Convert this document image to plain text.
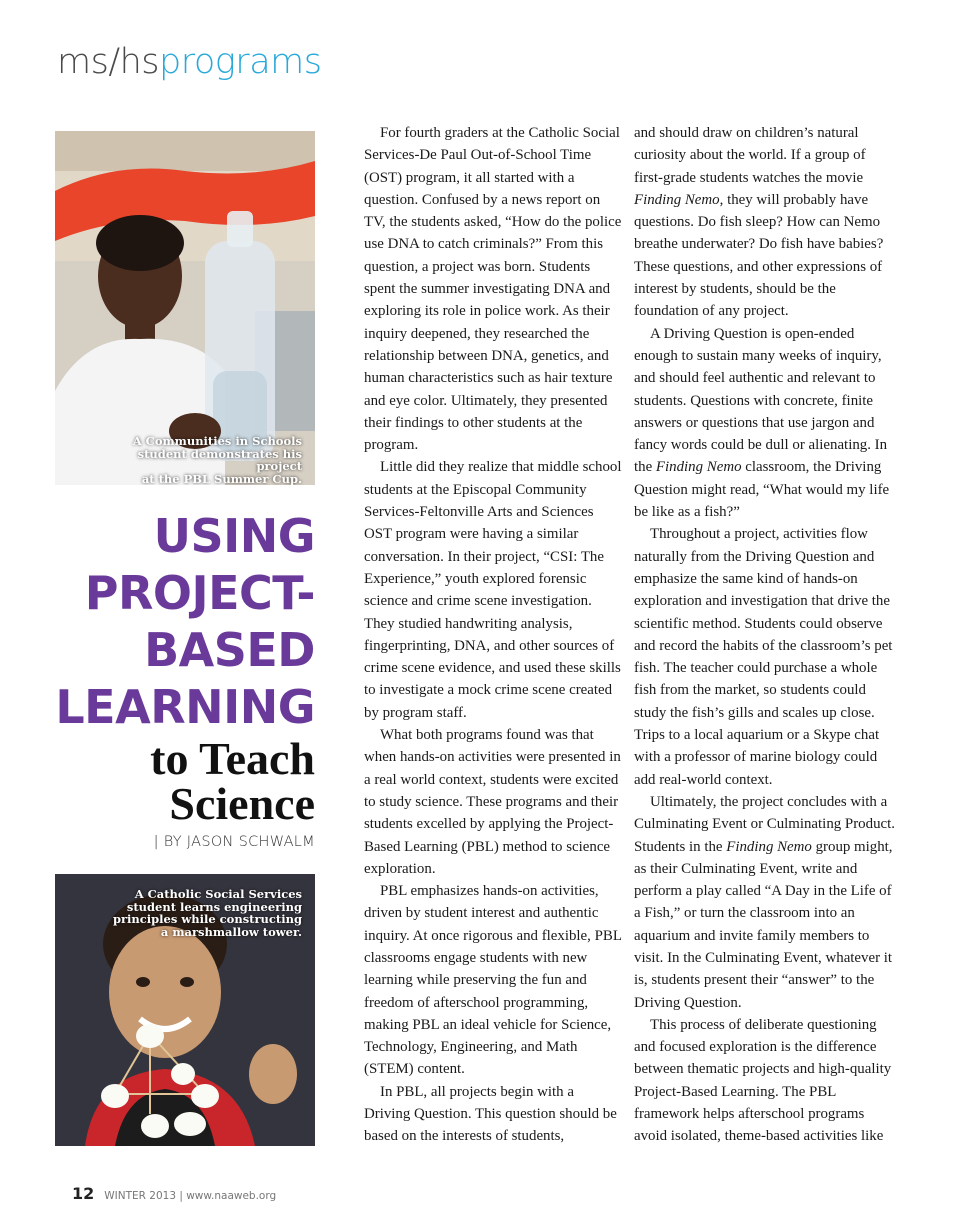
ms/hsprograms
A Communities in Schools
student demonstrates his project
at the PBL Summer Cup.
USING
PROJECT-
BASED
LEARNING
to Teach
Science
| BY JASON SCHWALM
A Catholic Social Services
student learns engineering
principles while constructing
a marshmallow tower.

For fourth graders at the Catholic Social Services-De Paul Out-of-School Time (OST) program, it all started with a question. Confused by a news report on TV, the students asked, “How do the police use DNA to catch criminals?” From this question, a project was born. Students spent the summer investigating DNA and exploring its role in police work. As their inquiry deepened, they researched the relationship between DNA, genetics, and human characteristics such as hair texture and eye color. Ultimately, they presented their findings to other students at the program.

Little did they realize that middle school students at the Episcopal Community Services-Feltonville Arts and Sciences OST program were having a similar conversation. In their project, “CSI: The Experience,” youth explored forensic science and crime scene investigation. They studied handwriting analysis, fingerprinting, DNA, and other sources of crime scene evidence, and used these skills to investigate a mock crime scene created by program staff.

What both programs found was that when hands-on activities were presented in a real world context, students were excited to study science. These programs and their students excelled by applying the Project-Based Learning (PBL) method to science exploration.

PBL emphasizes hands-on activities, driven by student interest and authentic inquiry. At once rigorous and flexible, PBL classrooms engage students with new learning while preserving the fun and freedom of afterschool programming, making PBL an ideal vehicle for Science, Technology, Engineering, and Math (STEM) content.

In PBL, all projects begin with a Driving Question. This question should be based on the interests of students,

and should draw on children’s natural curiosity about the world. If a group of first-grade students watches the movie Finding Nemo, they will probably have questions. Do fish sleep? How can Nemo breathe underwater? Do fish have babies? These questions, and other expressions of interest by students, should be the foundation of any project.

A Driving Question is open-ended enough to sustain many weeks of inquiry, and should feel authentic and relevant to students. Questions with concrete, finite answers or questions that use jargon and fancy words could be dull or alienating. In the Finding Nemo classroom, the Driving Question might read, “What would my life be like as a fish?”

Throughout a project, activities flow naturally from the Driving Question and emphasize the same kind of hands-on exploration and investigation that drive the scientific method. Students could observe and record the habits of the classroom’s pet fish. The teacher could purchase a whole fish from the market, so students could study the fish’s gills and scales up close. Trips to a local aquarium or a Skype chat with a professor of marine biology could add real-world context.

Ultimately, the project concludes with a Culminating Event or Culminating Product. Students in the Finding Nemo group might, as their Culminating Event, write and perform a play called “A Day in the Life of a Fish,” or turn the classroom into an aquarium and invite family members to visit. In the Culminating Event, whatever it is, students present their “answer” to the Driving Question.

This process of deliberate questioning and focused exploration is the difference between thematic projects and high-quality Project-Based Learning. The PBL framework helps afterschool programs avoid isolated, theme-based activities like

12 WINTER 2013 | www.naaweb.org
